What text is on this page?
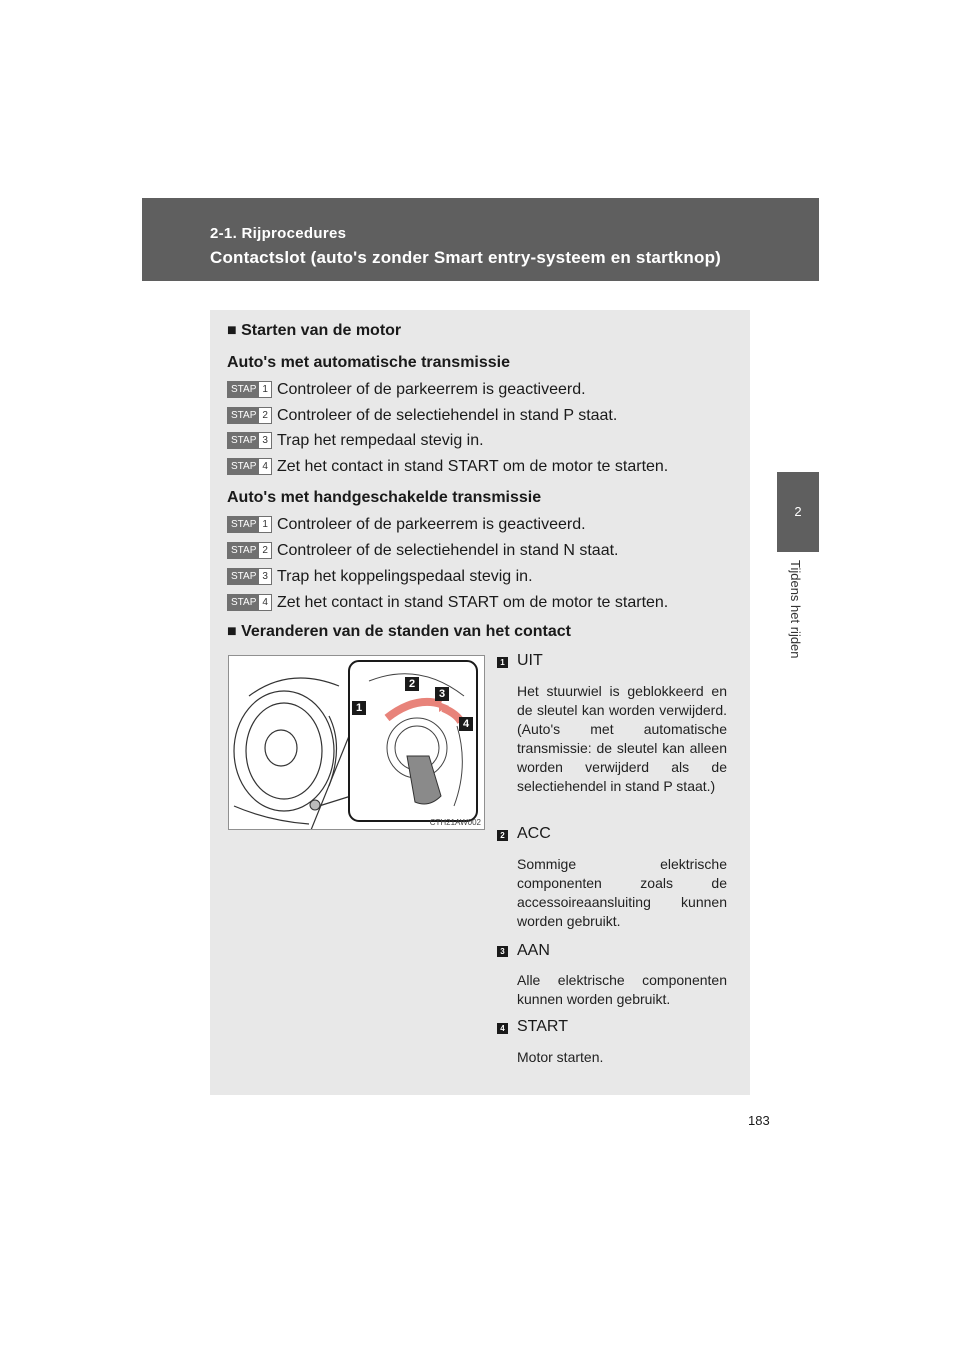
2-1. Rijprocedures
Contactslot (auto's zonder Smart entry-systeem en startknop)
2
Tijdens het rijden
■ Starten van de motor
Auto's met automatische transmissie
STAP 1 Controleer of de parkeerrem is geactiveerd.
STAP 2 Controleer of de selectiehendel in stand P staat.
STAP 3 Trap het rempedaal stevig in.
STAP 4 Zet het contact in stand START om de motor te starten.
Auto's met handgeschakelde transmissie
STAP 1 Controleer of de parkeerrem is geactiveerd.
STAP 2 Controleer of de selectiehendel in stand N staat.
STAP 3 Trap het koppelingspedaal stevig in.
STAP 4 Zet het contact in stand START om de motor te starten.
■ Veranderen van de standen van het contact
1
2
3
4
CTH21AW002
1 UIT
Het stuurwiel is geblokkeerd en de sleutel kan worden verwijderd. (Auto's met automatische transmissie: de sleutel kan alleen worden verwijderd als de selectiehendel in stand P staat.)
2 ACC
Sommige elektrische componenten zoals de accessoireaansluiting kunnen worden gebruikt.
3 AAN
Alle elektrische componenten kunnen worden gebruikt.
4 START
Motor starten.
183
